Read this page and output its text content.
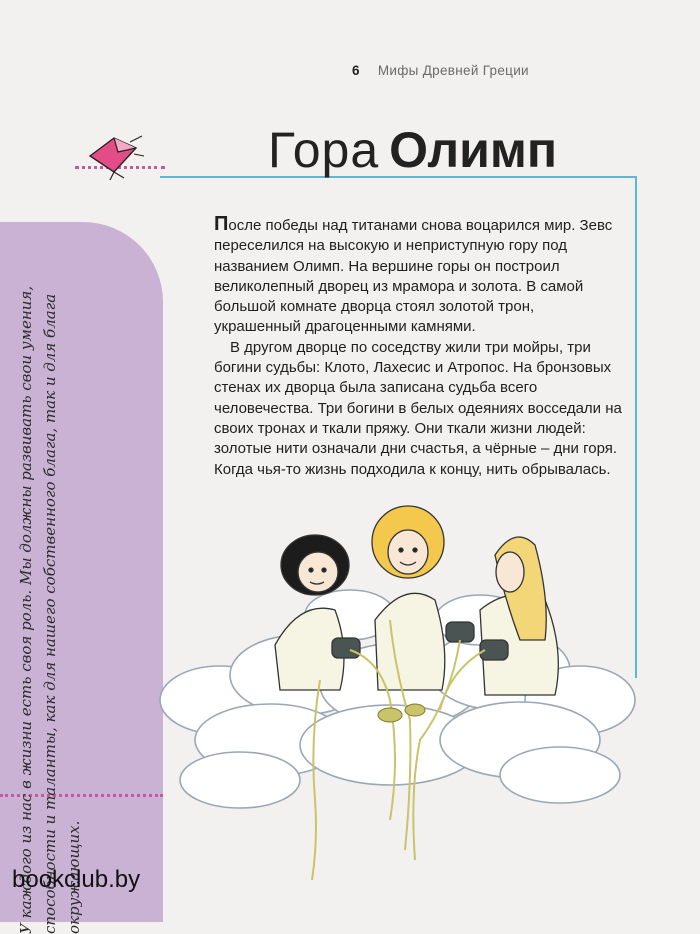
6 Мифы Древней Греции
Гора Олимп
У каждого из нас в жизни есть своя роль. Мы должны развивать свои умения, способности и таланты, как для нашего собственного блага, так и для блага окружающих.
bookclub.by

После победы над титанами снова воцарился мир. Зевс переселился на высокую и неприступную гору под названием Олимп. На вершине горы он построил великолепный дворец из мрамора и золота. В самой большой комнате дворца стоял золотой трон, украшенный драгоценными камнями.

В другом дворце по соседству жили три мойры, три богини судьбы: Клото, Лахесис и Атропос. На бронзовых стенах их дворца была записана судьба всего человечества. Три богини в белых одеяниях восседали на своих тронах и ткали пряжу. Они ткали жизни людей: золотые нити означали дни счастья, а чёрные – дни горя. Когда чья-то жизнь подходила к концу, нить обрывалась.
